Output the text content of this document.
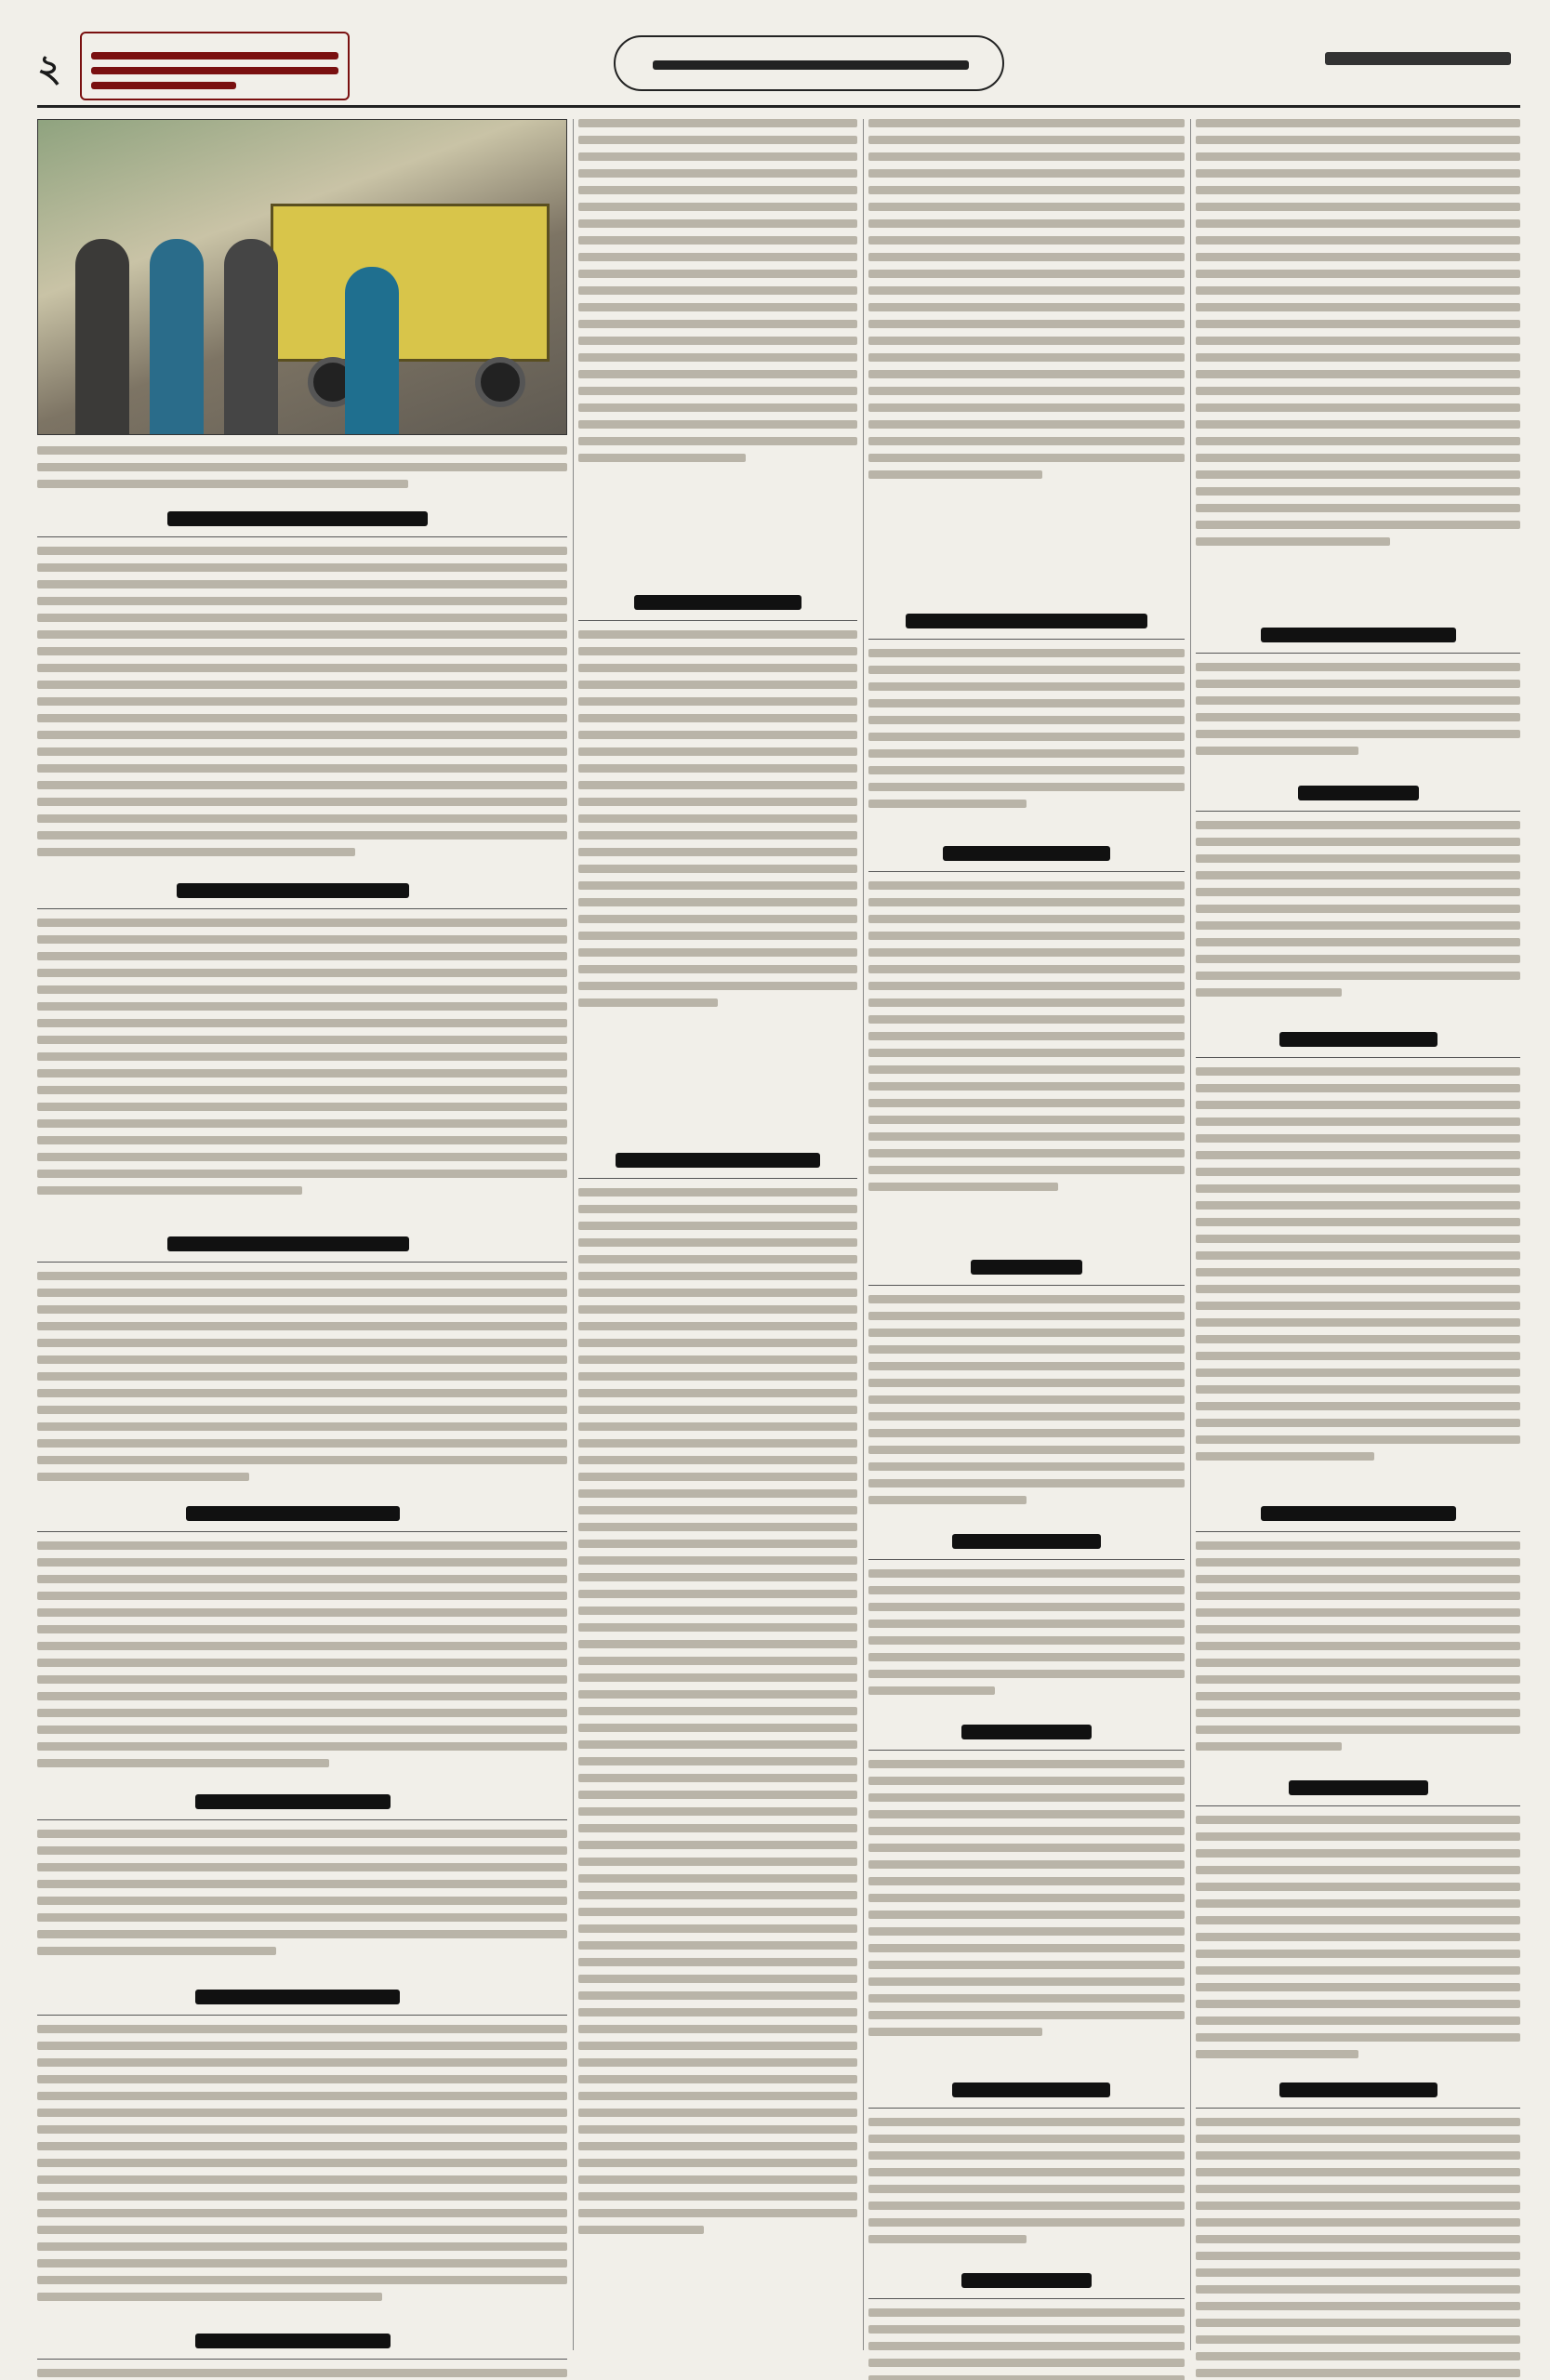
২
